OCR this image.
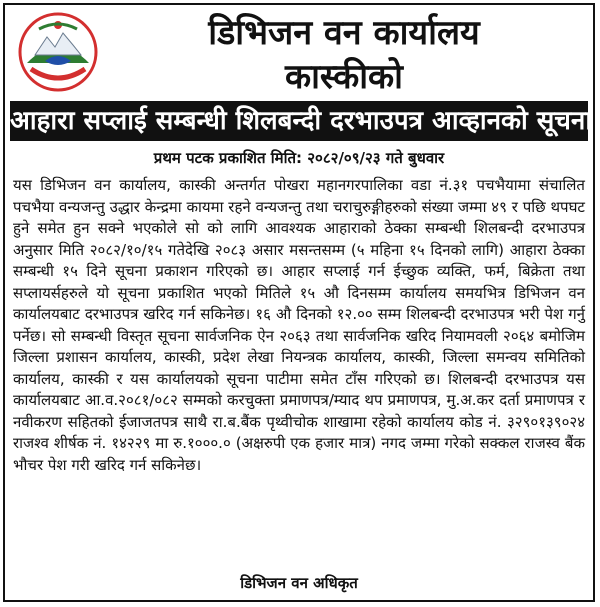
डिभिजन वन कार्यालय
कास्कीको
आहारा सप्लाई सम्बन्धी शिलबन्दी दरभाउपत्र आव्हानको सूचना
प्रथम पटक प्रकाशित मिति: २०८२/०९/२३ गते बुधवार

यस डिभिजन वन कार्यालय, कास्की अन्तर्गत पोखरा महानगरपालिका वडा नं.३१ पचभैयामा संचालित पचभैया वन्यजन्तु उद्धार केन्द्रमा कायमा रहने वन्यजन्तु तथा चराचुरुङ्गीहरुको संख्या जम्मा ४९ र पछि थपघट हुने समेत हुन सक्ने भएकोले सो को लागि आवश्यक आहाराको ठेक्का सम्बन्धी शिलबन्दी दरभाउपत्र अनुसार मिति २०८२/१०/१५ गतेदेखि २०८३ असार मसन्तसम्म (५ महिना १५ दिनको लागि) आहारा ठेक्का सम्बन्धी १५ दिने सूचना प्रकाशन गरिएको छ। आहार सप्लाई गर्न ईच्छुक व्यक्ति, फर्म, बिक्रेता तथा सप्लायर्सहरुले यो सूचना प्रकाशित भएको मितिले १५ औ दिनसम्म कार्यालय समयभित्र डिभिजन वन कार्यालयबाट दरभाउपत्र खरिद गर्न सकिनेछ। १६ औ दिनको १२.०० सम्म शिलबन्दी दरभाउपत्र भरी पेश गर्नु पर्नेछ। सो सम्बन्धी विस्तृत सूचना सार्वजनिक ऐन २०६३ तथा सार्वजनिक खरिद नियामवली २०६४ बमोजिम जिल्ला प्रशासन कार्यालय, कास्की, प्रदेश लेखा नियन्त्रक कार्यालय, कास्की, जिल्ला समन्वय समितिको कार्यालय, कास्की र यस कार्यालयको सूचना पाटीमा समेत टाँस गरिएको छ। शिलबन्दी दरभाउपत्र यस कार्यालयबाट आ.व.२०८१/०८२ सम्मको करचुक्ता प्रमाणपत्र/म्याद थप प्रमाणपत्र, मु.अ.कर दर्ता प्रमाणपत्र र नवीकरण सहितको ईजाजतपत्र साथै रा.ब.बैंक पृथ्वीचोक शाखामा रहेको कार्यालय कोड नं. ३२९०१३९०२४ राजश्व शीर्षक नं. १४२२९ मा रु.१०००.० (अक्षरुपी एक हजार मात्र) नगद जम्मा गरेको सक्कल राजस्व बैंक भौचर पेश गरी खरिद गर्न सकिनेछ।

डिभिजन वन अधिकृत
